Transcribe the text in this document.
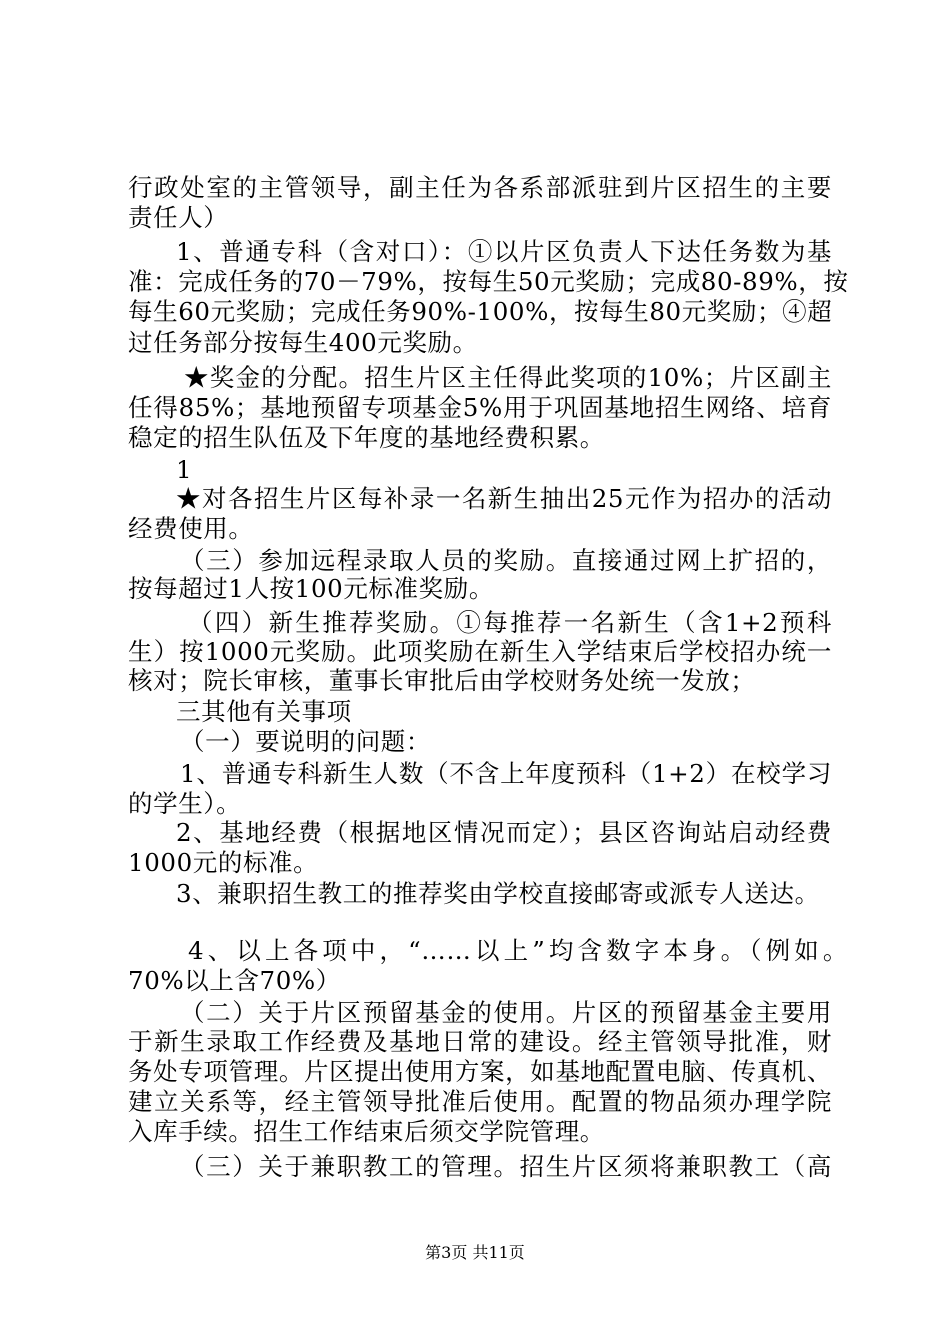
行政处室的主管领导，副主任为各系部派驻到片区招生的主要
责任人）
1、普通专科（含对口）：①以片区负责人下达任务数为基
准：完成任务的70－79%，按每生50元奖励；完成80-89%，按
每生60元奖励；完成任务90%-100%，按每生80元奖励；④超
过任务部分按每生400元奖励。
★奖金的分配。招生片区主任得此奖项的10%；片区副主
任得85%；基地预留专项基金5%用于巩固基地招生网络、培育
稳定的招生队伍及下年度的基地经费积累。
1
★对各招生片区每补录一名新生抽出25元作为招办的活动
经费使用。
（三）参加远程录取人员的奖励。直接通过网上扩招的，
按每超过1人按100元标准奖励。
（四）新生推荐奖励。①每推荐一名新生（含1+2预科
生）按1000元奖励。此项奖励在新生入学结束后学校招办统一
核对；院长审核，董事长审批后由学校财务处统一发放；
三其他有关事项
（一）要说明的问题：
1、普通专科新生人数（不含上年度预科（1+2）在校学习
的学生）。
2、基地经费（根据地区情况而定）；县区咨询站启动经费
1000元的标准。
3、兼职招生教工的推荐奖由学校直接邮寄或派专人送达。
4、以上各项中，“……以上”均含数字本身。（例如。
70%以上含70%）
（二）关于片区预留基金的使用。片区的预留基金主要用
于新生录取工作经费及基地日常的建设。经主管领导批准，财
务处专项管理。片区提出使用方案，如基地配置电脑、传真机、
建立关系等，经主管领导批准后使用。配置的物品须办理学院
入库手续。招生工作结束后须交学院管理。
（三）关于兼职教工的管理。招生片区须将兼职教工（高
第3页 共11页
